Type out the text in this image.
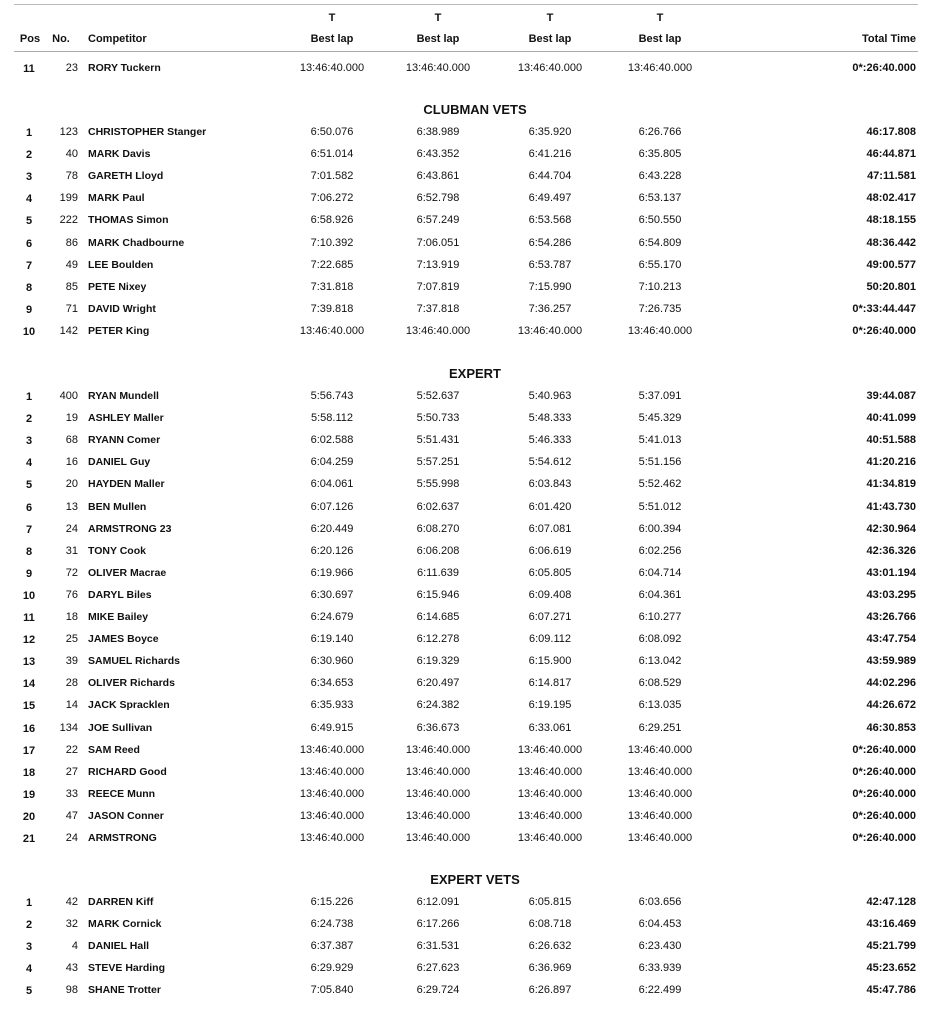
Pos	No.	Competitor
T	T	T	T
Best lap	Best lap	Best lap	Best lap	Total Time
11	23 RORY Tuckern	13:46:40.000	13:46:40.000	13:46:40.000	13:46:40.000	0*:26:40.000
CLUBMAN VETS
1	123 CHRISTOPHER Stanger	6:50.076	6:38.989	6:35.920	6:26.766	46:17.808
2	40 MARK Davis	6:51.014	6:43.352	6:41.216	6:35.805	46:44.871
3	78 GARETH Lloyd	7:01.582	6:43.861	6:44.704	6:43.228	47:11.581
4	199 MARK Paul	7:06.272	6:52.798	6:49.497	6:53.137	48:02.417
5	222 THOMAS Simon	6:58.926	6:57.249	6:53.568	6:50.550	48:18.155
6	86 MARK Chadbourne	7:10.392	7:06.051	6:54.286	6:54.809	48:36.442
7	49 LEE Boulden	7:22.685	7:13.919	6:53.787	6:55.170	49:00.577
8	85 PETE Nixey	7:31.818	7:07.819	7:15.990	7:10.213	50:20.801
9	71 DAVID Wright	7:39.818	7:37.818	7:36.257	7:26.735	0*:33:44.447
10	142 PETER King	13:46:40.000	13:46:40.000	13:46:40.000	13:46:40.000	0*:26:40.000
EXPERT
1	400 RYAN Mundell	5:56.743	5:52.637	5:40.963	5:37.091	39:44.087
2	19 ASHLEY Maller	5:58.112	5:50.733	5:48.333	5:45.329	40:41.099
3	68 RYANN Comer	6:02.588	5:51.431	5:46.333	5:41.013	40:51.588
4	16 DANIEL Guy	6:04.259	5:57.251	5:54.612	5:51.156	41:20.216
5	20 HAYDEN Maller	6:04.061	5:55.998	6:03.843	5:52.462	41:34.819
6	13 BEN Mullen	6:07.126	6:02.637	6:01.420	5:51.012	41:43.730
7	24 ARMSTRONG 23	6:20.449	6:08.270	6:07.081	6:00.394	42:30.964
8	31 TONY Cook	6:20.126	6:06.208	6:06.619	6:02.256	42:36.326
9	72 OLIVER Macrae	6:19.966	6:11.639	6:05.805	6:04.714	43:01.194
10	76 DARYL Biles	6:30.697	6:15.946	6:09.408	6:04.361	43:03.295
11	18 MIKE Bailey	6:24.679	6:14.685	6:07.271	6:10.277	43:26.766
12	25 JAMES Boyce	6:19.140	6:12.278	6:09.112	6:08.092	43:47.754
13	39 SAMUEL Richards	6:30.960	6:19.329	6:15.900	6:13.042	43:59.989
14	28 OLIVER Richards	6:34.653	6:20.497	6:14.817	6:08.529	44:02.296
15	14 JACK Spracklen	6:35.933	6:24.382	6:19.195	6:13.035	44:26.672
16	134 JOE Sullivan	6:49.915	6:36.673	6:33.061	6:29.251	46:30.853
17	22 SAM Reed	13:46:40.000	13:46:40.000	13:46:40.000	13:46:40.000	0*:26:40.000
18	27 RICHARD Good	13:46:40.000	13:46:40.000	13:46:40.000	13:46:40.000	0*:26:40.000
19	33 REECE Munn	13:46:40.000	13:46:40.000	13:46:40.000	13:46:40.000	0*:26:40.000
20	47 JASON Conner	13:46:40.000	13:46:40.000	13:46:40.000	13:46:40.000	0*:26:40.000
21	24 ARMSTRONG	13:46:40.000	13:46:40.000	13:46:40.000	13:46:40.000	0*:26:40.000
EXPERT VETS
1	42 DARREN Kiff	6:15.226	6:12.091	6:05.815	6:03.656	42:47.128
2	32 MARK Cornick	6:24.738	6:17.266	6:08.718	6:04.453	43:16.469
3	4 DANIEL Hall	6:37.387	6:31.531	6:26.632	6:23.430	45:21.799
4	43 STEVE Harding	6:29.929	6:27.623	6:36.969	6:33.939	45:23.652
5	98 SHANE Trotter	7:05.840	6:29.724	6:26.897	6:22.499	45:47.786
